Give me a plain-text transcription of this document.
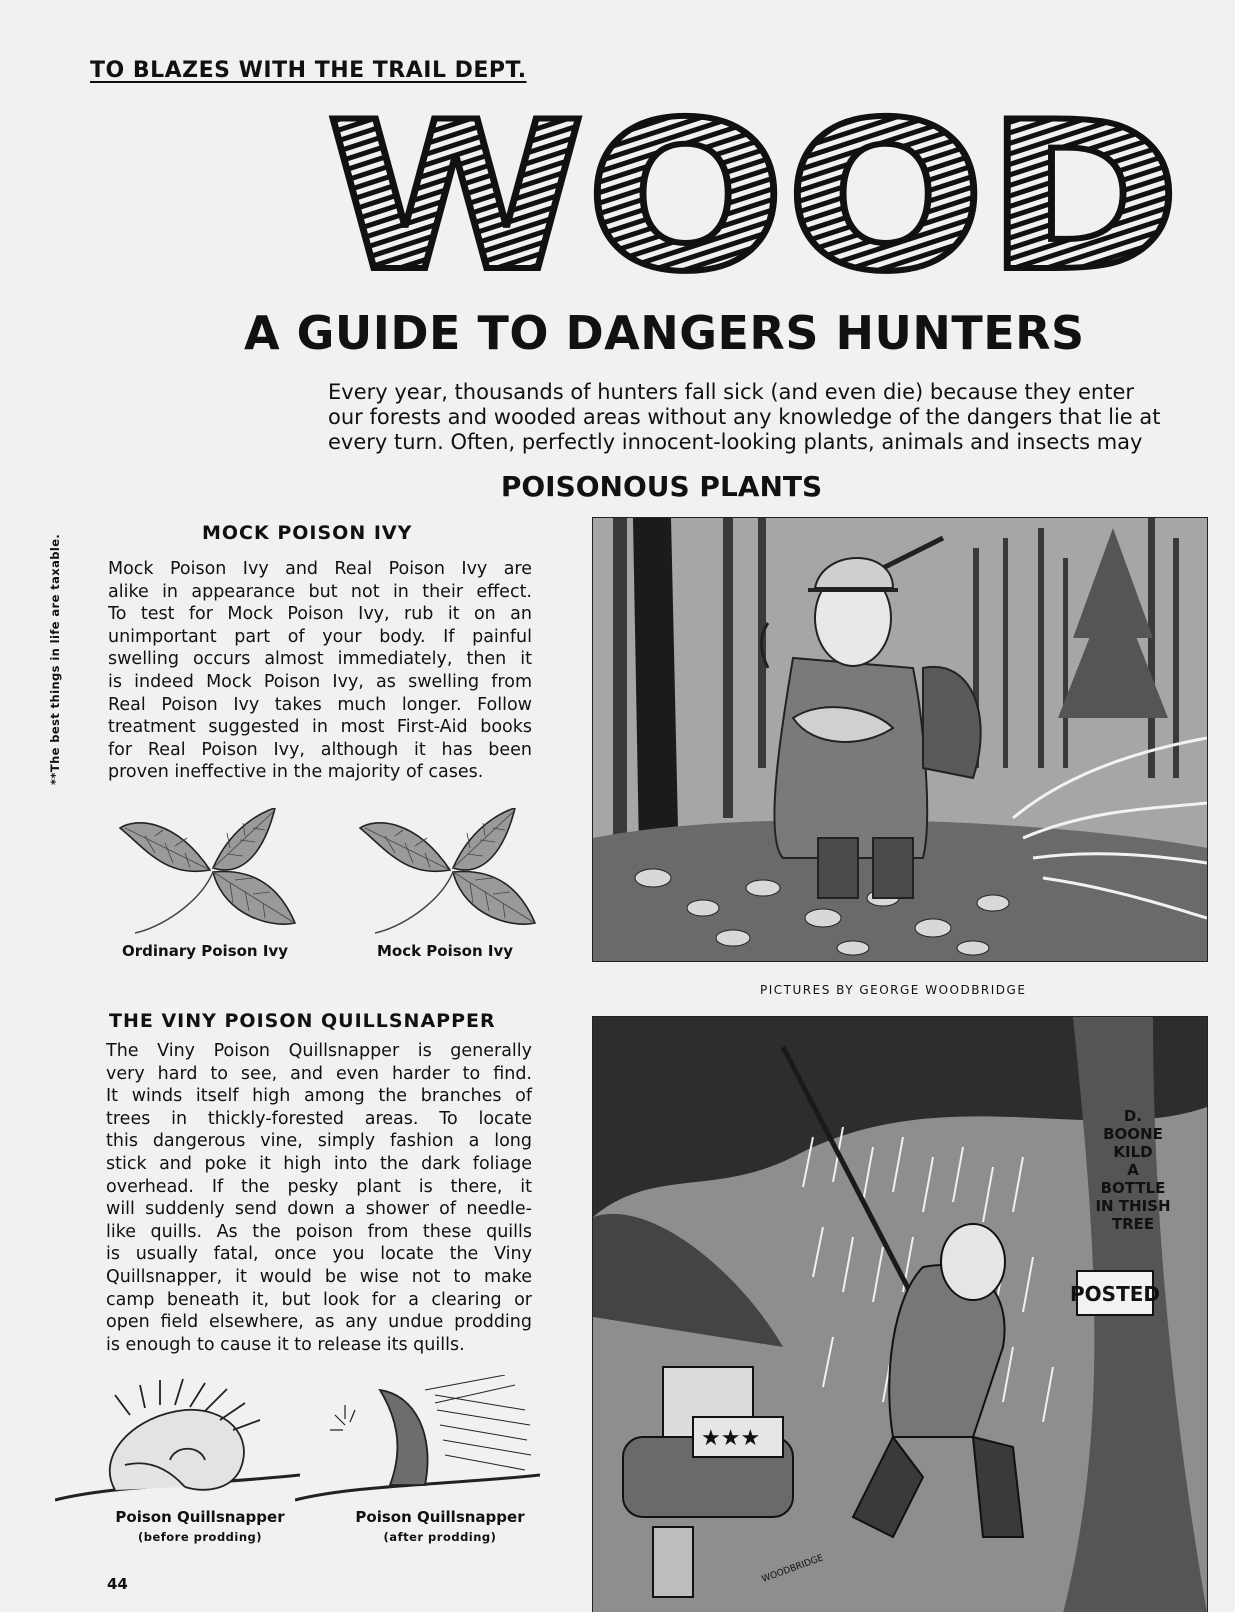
TO BLAZES WITH THE TRAIL DEPT.
WOOD
A GUIDE TO DANGERS HUNTERS
Every year, thousands of hunters fall sick (and even die) because they enter
our forests and wooded areas without any knowledge of the dangers that lie at
every turn. Often, perfectly innocent-looking plants, animals and insects may
POISONOUS PLANTS
**The best things in life are taxable.
MOCK POISON IVY
Mock Poison Ivy and Real Poison Ivy are
alike in appearance but not in their effect.
To test for Mock Poison Ivy, rub it on an
unimportant part of your body. If painful
swelling occurs almost immediately, then it
is indeed Mock Poison Ivy, as swelling from
Real Poison Ivy takes much longer. Follow
treatment suggested in most First-Aid books
for Real Poison Ivy, although it has been
proven ineffective in the majority of cases.
Ordinary Poison Ivy	Mock Poison Ivy
PICTURES BY GEORGE WOODBRIDGE
THE VINY POISON QUILLSNAPPER
The Viny Poison Quillsnapper is generally
very hard to see, and even harder to find.
It winds itself high among the branches of
trees in thickly-forested areas. To locate
this dangerous vine, simply fashion a long
stick and poke it high into the dark foliage
overhead. If the pesky plant is there, it
will suddenly send down a shower of needle-
like quills. As the poison from these quills
is usually fatal, once you locate the Viny
Quillsnapper, it would be wise not to make
camp beneath it, but look for a clearing or
open field elsewhere, as any undue prodding
is enough to cause it to release its quills.
Poison Quillsnapper
(before prodding)
Poison Quillsnapper
(after prodding)
★★★
D.
BOONE
KILD
A
BOTTLE
IN THISH
TREE
POSTED
WOODBRIDGE
44
